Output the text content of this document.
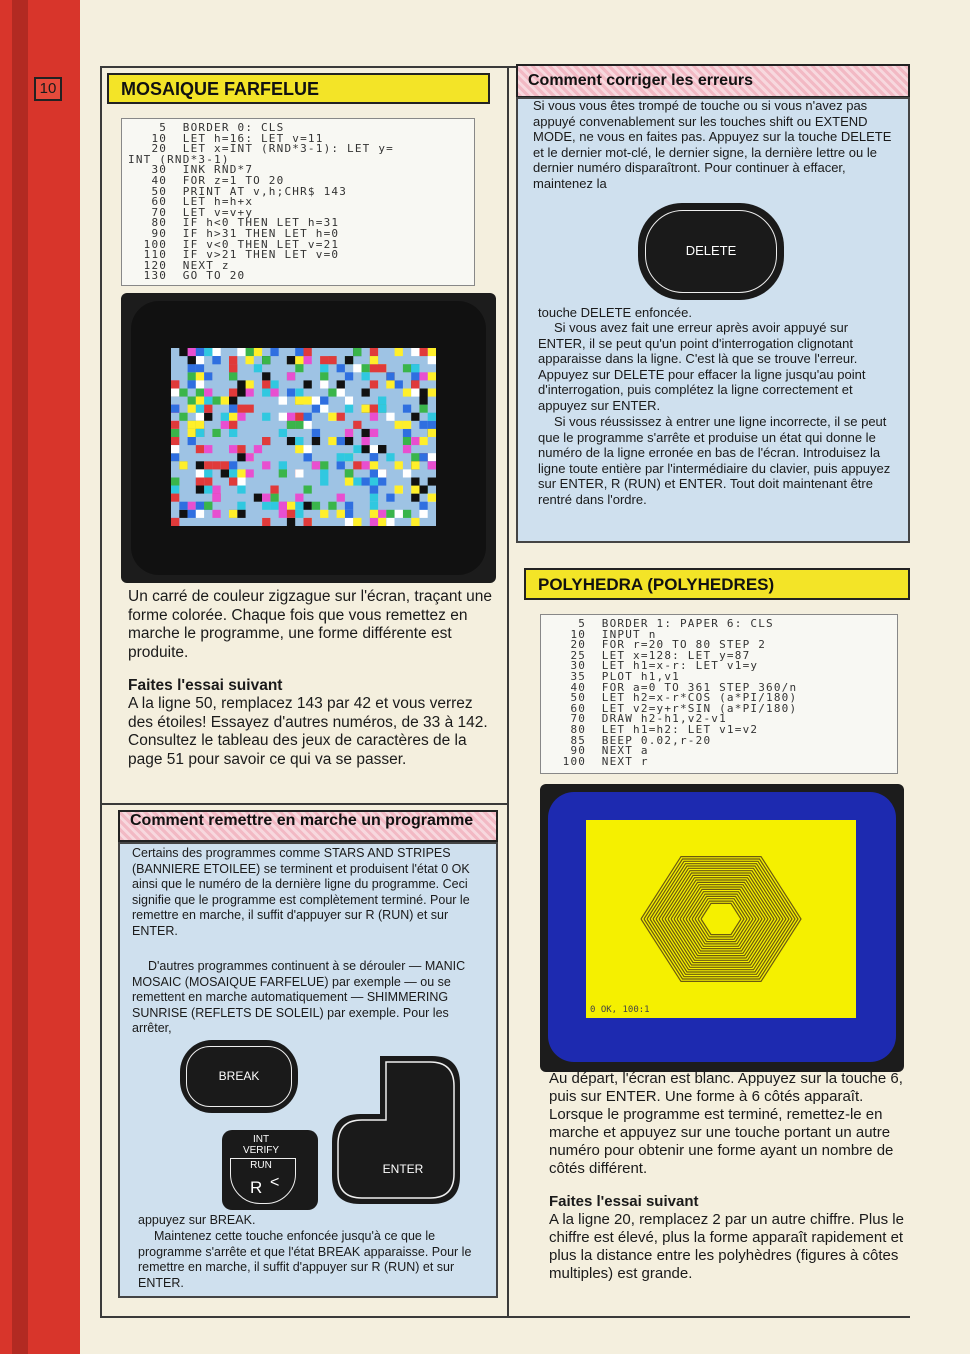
10	MOSAIQUE FARFELUE
5  BORDER 0: CLS
10  LET h=16: LET v=11
20  LET x=INT (RND*3-1): LET y=
INT (RND*3-1)
30  INK RND*7
40  FOR z=1 TO 20
50  PRINT AT v,h;CHR$ 143
60  LET h=h+x
70  LET v=v+y
80  IF h<0 THEN LET h=31
90  IF h>31 THEN LET h=0
100  IF v<0 THEN LET v=21
110  IF v>21 THEN LET v=0
120  NEXT z
130  GO TO 20

Un carré de couleur zigzague sur l'écran, traçant une forme colorée. Chaque fois que vous remettez en marche le programme, une forme différente est produite.

Faites l'essai suivant

A la ligne 50, remplacez 143 par 42 et vous verrez des étoiles! Essayez d'autres numéros, de 33 à 142. Consultez le tableau des jeux de caractères de la page 51 pour savoir ce qui va se passer.

Comment remettre en marche un programme

Certains des programmes comme STARS AND STRIPES (BANNIERE ETOILEE) se terminent et produisent l'état 0 OK ainsi que le numéro de la dernière ligne du programme. Ceci signifie que le programme est complètement terminé. Pour le remettre en marche, il suffit d'appuyer sur R (RUN) et sur ENTER.

D'autres programmes continuent à se dérouler — MANIC MOSAIC (MOSAIQUE FARFELUE) par exemple — ou se remettent en marche automatiquement — SHIMMERING SUNRISE (REFLETS DE SOLEIL) par exemple. Pour les arrêter,

BREAK
ENTER
INT
VERIFY
RUN
R <

appuyez sur BREAK.

Maintenez cette touche enfoncée jusqu'à ce que le programme s'arrête et que l'état BREAK apparaisse. Pour le remettre en marche, il suffit d'appuyer sur R (RUN) et sur ENTER.

Comment corriger les erreurs

Si vous vous êtes trompé de touche ou si vous n'avez pas appuyé convenablement sur les touches shift ou EXTEND MODE, ne vous en faites pas. Appuyez sur la touche DELETE et le dernier mot-clé, le dernier signe, la dernière lettre ou le dernier numéro disparaîtront. Pour continuer à effacer, maintenez la

DELETE

touche DELETE enfoncée.

Si vous avez fait une erreur après avoir appuyé sur ENTER, il se peut qu'un point d'interrogation clignotant apparaisse dans la ligne. C'est là que se trouve l'erreur. Appuyez sur DELETE pour effacer la ligne jusqu'au point d'interrogation, puis complétez la ligne correctement et appuyez sur ENTER.

Si vous réussissez à entrer une ligne incorrecte, il se peut que le programme s'arrête et produise un état qui donne le numéro de la ligne erronée en bas de l'écran. Introduisez la ligne toute entière par l'intermédiaire du clavier, puis appuyez sur ENTER, R (RUN) et ENTER. Tout doit maintenant être rentré dans l'ordre.

POLYHEDRA (POLYHEDRES)
5  BORDER 1: PAPER 6: CLS
10  INPUT n
20  FOR r=20 TO 80 STEP 2
25  LET x=128: LET y=87
30  LET h1=x-r: LET v1=y
35  PLOT h1,v1
40  FOR a=0 TO 361 STEP 360/n
50  LET h2=x-r*COS (a*PI/180)
60  LET v2=y+r*SIN (a*PI/180)
70  DRAW h2-h1,v2-v1
80  LET h1=h2: LET v1=v2
85  BEEP 0.02,r-20
90  NEXT a
100  NEXT r
0 OK, 100:1

Au départ, l'écran est blanc. Appuyez sur la touche 6, puis sur ENTER. Une forme à 6 côtés apparaît. Lorsque le programme est terminé, remettez-le en marche et appuyez sur une touche portant un autre numéro pour obtenir une forme ayant un nombre de côtés différent.

Faites l'essai suivant

A la ligne 20, remplacez 2 par un autre chiffre. Plus le chiffre est élevé, plus la forme apparaît rapidement et plus la distance entre les polyhèdres (figures à côtes multiples) est grande.
